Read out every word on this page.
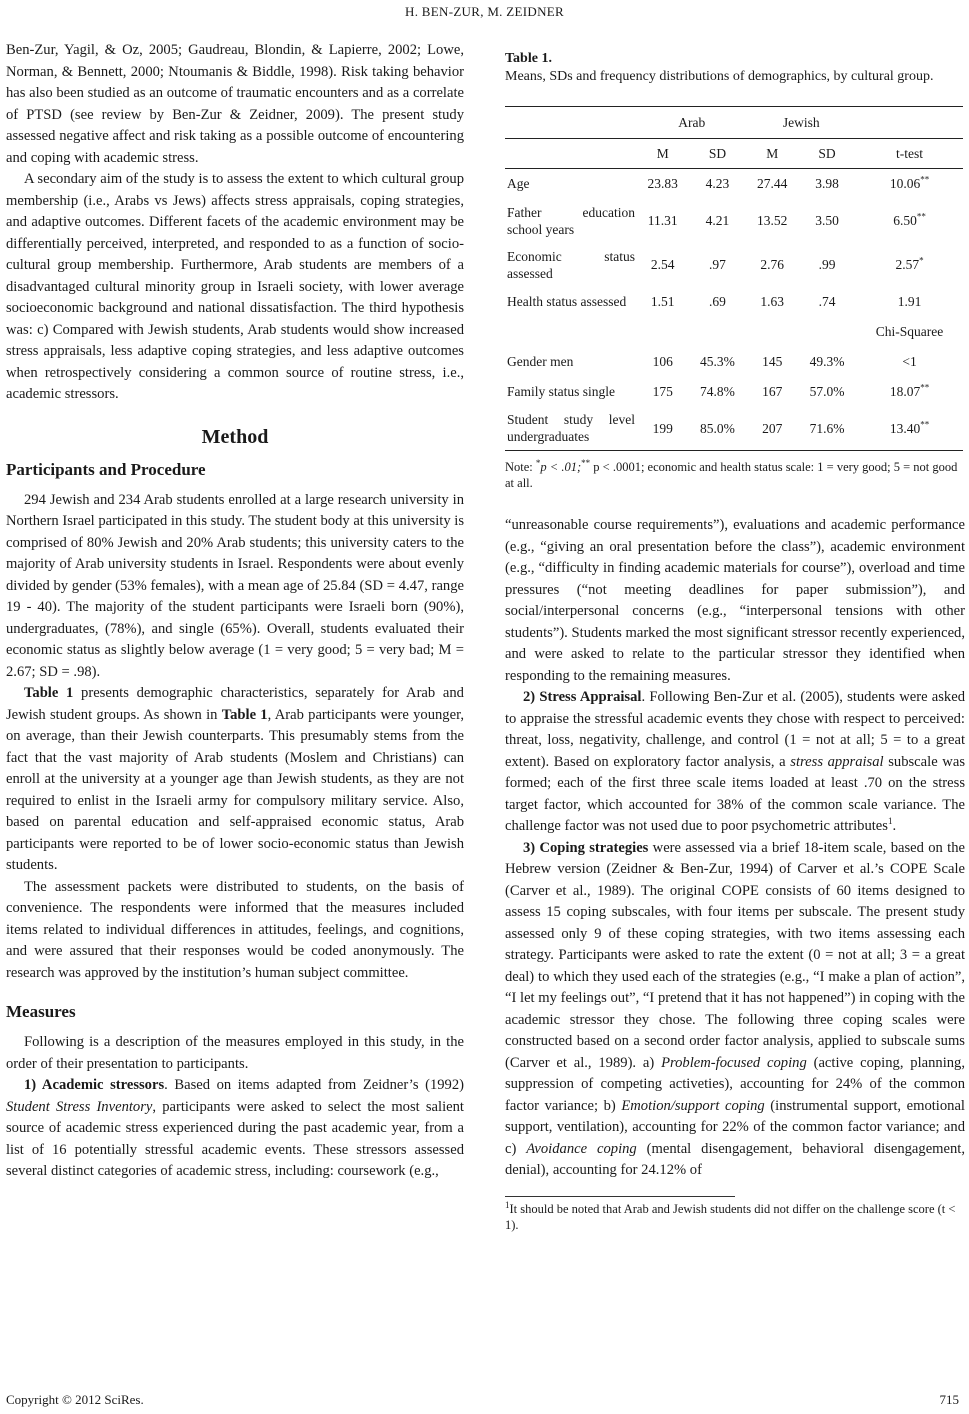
H. BEN-ZUR, M. ZEIDNER

Ben-Zur, Yagil, & Oz, 2005; Gaudreau, Blondin, & Lapierre, 2002; Lowe, Norman, & Bennett, 2000; Ntoumanis & Biddle, 1998). Risk taking behavior has also been studied as an outcome of traumatic encounters and as a correlate of PTSD (see review by Ben-Zur & Zeidner, 2009). The present study assessed negative affect and risk taking as a possible outcome of encountering and coping with academic stress.

A secondary aim of the study is to assess the extent to which cultural group membership (i.e., Arabs vs Jews) affects stress appraisals, coping strategies, and adaptive outcomes. Different facets of the academic environment may be differentially perceived, interpreted, and responded to as a function of socio-cultural group membership. Furthermore, Arab students are members of a disadvantaged cultural minority group in Israeli society, with lower average socioeconomic background and national dissatisfaction. The third hypothesis was: c) Compared with Jewish students, Arab students would show increased stress appraisals, less adaptive coping strategies, and less adaptive outcomes when retrospectively considering a common source of routine stress, i.e., academic stressors.

Method

Participants and Procedure

294 Jewish and 234 Arab students enrolled at a large research university in Northern Israel participated in this study. The student body at this university is comprised of 80% Jewish and 20% Arab students; this university caters to the majority of Arab university students in Israel. Respondents were about evenly divided by gender (53% females), with a mean age of 25.84 (SD = 4.47, range 19 - 40). The majority of the student participants were Israeli born (90%), undergraduates, (78%), and single (65%). Overall, students evaluated their economic status as slightly below average (1 = very good; 5 = very bad; M = 2.67; SD = .98).

Table 1 presents demographic characteristics, separately for Arab and Jewish student groups. As shown in Table 1, Arab participants were younger, on average, than their Jewish counterparts. This presumably stems from the fact that the vast majority of Arab students (Moslem and Christians) can enroll at the university at a younger age than Jewish students, as they are not required to enlist in the Israeli army for compulsory military service. Also, based on parental education and self-appraised economic status, Arab participants were reported to be of lower socio-economic status than Jewish students.

The assessment packets were distributed to students, on the basis of convenience. The respondents were informed that the measures included items related to individual differences in attitudes, feelings, and cognitions, and were assured that their responses would be coded anonymously. The research was approved by the institution’s human subject committee.

Measures

Following is a description of the measures employed in this study, in the order of their presentation to participants.

1) Academic stressors. Based on items adapted from Zeidner’s (1992) Student Stress Inventory, participants were asked to select the most salient source of academic stress experienced during the past academic year, from a list of 16 potentially stressful academic events. These stressors assessed several distinct categories of academic stress, including: coursework (e.g.,

Table 1.

Means, SDs and frequency distributions of demographics, by cultural group.

	Arab		Jewish		
	M	SD	M	SD	t-test
Age	23.83	4.23	27.44	3.98	10.06**
Father education school years	11.31	4.21	13.52	3.50	6.50**
Economic status assessed	2.54	.97	2.76	.99	2.57*
Health status assessed	1.51	.69	1.63	.74	1.91
					Chi-Squaree
Gender men	106	45.3%	145	49.3%	<1
Family status single	175	74.8%	167	57.0%	18.07**
Student study level undergraduates	199	85.0%	207	71.6%	13.40**

Note: *p < .01;** p < .0001; economic and health status scale: 1 = very good; 5 = not good at all.

“unreasonable course requirements”), evaluations and academic performance (e.g., “giving an oral presentation before the class”), academic environment (e.g., “difficulty in finding academic materials for course”), overload and time pressures (“not meeting deadlines for paper submission”), and social/interpersonal concerns (e.g., “interpersonal tensions with other students”). Students marked the most significant stressor recently experienced, and were asked to relate to the particular stressor they identified when responding to the remaining measures.

2) Stress Appraisal. Following Ben-Zur et al. (2005), students were asked to appraise the stressful academic events they chose with respect to perceived: threat, loss, negativity, challenge, and control (1 = not at all; 5 = to a great extent). Based on exploratory factor analysis, a stress appraisal subscale was formed; each of the first three scale items loaded at least .70 on the stress target factor, which accounted for 38% of the common scale variance. The challenge factor was not used due to poor psychometric attributes$^1$.

3) Coping strategies were assessed via a brief 18-item scale, based on the Hebrew version (Zeidner & Ben-Zur, 1994) of Carver et al.’s COPE Scale (Carver et al., 1989). The original COPE consists of 60 items designed to assess 15 coping subscales, with four items per subscale. The present study assessed only 9 of these coping strategies, with two items assessing each strategy. Participants were asked to rate the extent (0 = not at all; 3 = a great deal) to which they used each of the strategies (e.g., “I make a plan of action”, “I let my feelings out”, “I pretend that it has not happened”) in coping with the academic stressor they chose. The following three coping scales were constructed based on a second order factor analysis, applied to subscale sums (Carver et al., 1989). a) Problem-focused coping (active coping, planning, suppression of competing activeties), accounting for 24% of the common factor variance; b) Emotion/support coping (instrumental support, emotional support, ventilation), accounting for 22% of the common factor variance; and c) Avoidance coping (mental disengagement, behavioral disengagement, denial), accounting for 24.12% of

$^1$It should be noted that Arab and Jewish students did not differ on the challenge score (t < 1).

Copyright © 2012 SciRes.	715
